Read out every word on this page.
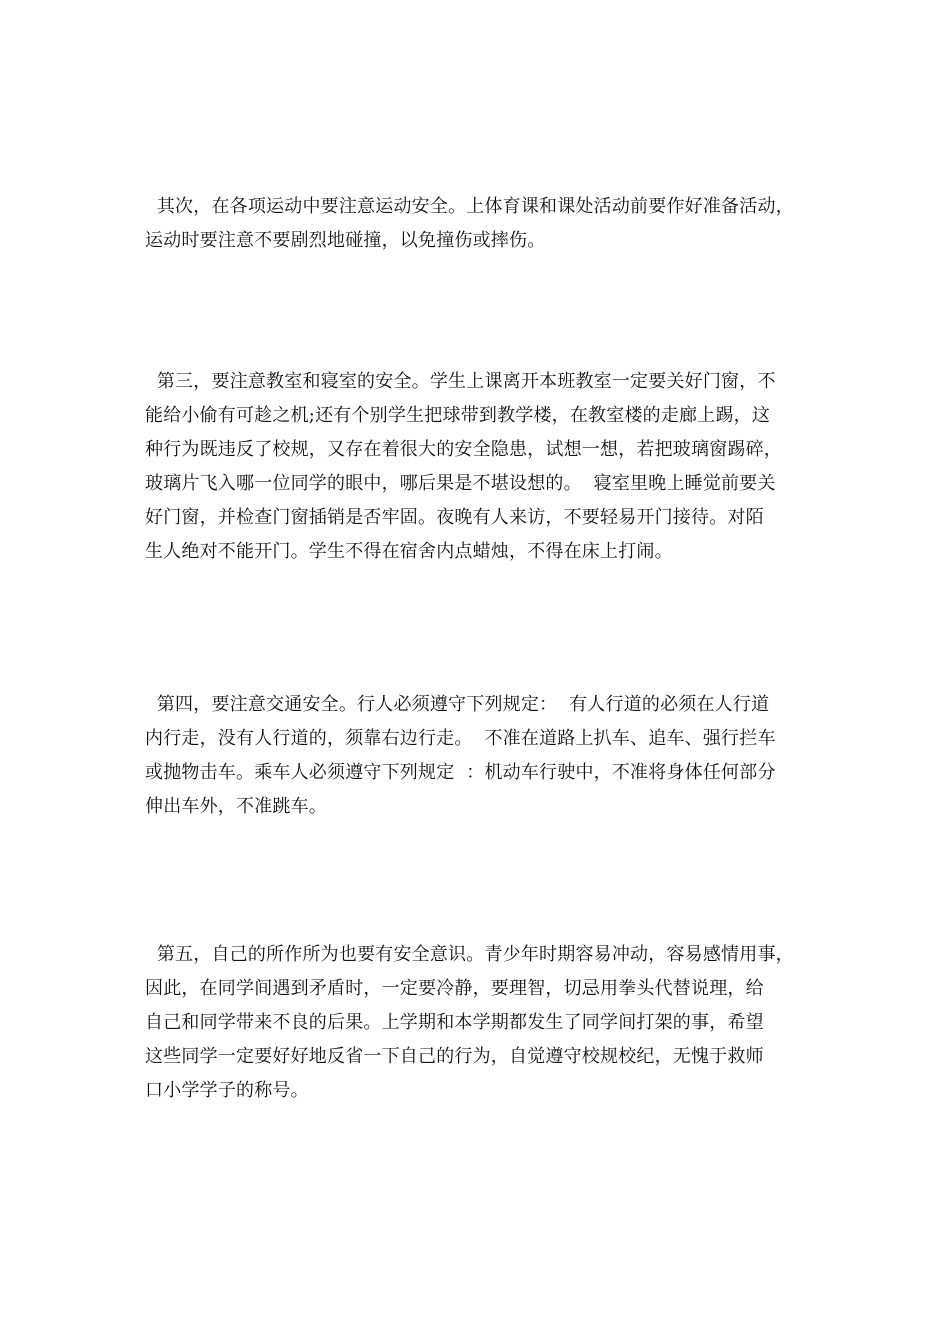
其次，在各项运动中要注意运动安全。上体育课和课处活动前要作好准备活动，
运动时要注意不要剧烈地碰撞，以免撞伤或摔伤。
第三，要注意教室和寝室的安全。学生上课离开本班教室一定要关好门窗，不
能给小偷有可趁之机;还有个别学生把球带到教学楼，在教室楼的走廊上踢，这
种行为既违反了校规，又存在着很大的安全隐患，试想一想，若把玻璃窗踢碎，
玻璃片飞入哪一位同学的眼中，哪后果是不堪设想的。  寝室里晚上睡觉前要关
好门窗，并检查门窗插销是否牢固。夜晚有人来访，不要轻易开门接待。对陌
生人绝对不能开门。学生不得在宿舍内点蜡烛，不得在床上打闹。
第四，要注意交通安全。行人必须遵守下列规定：  有人行道的必须在人行道
内行走，没有人行道的，须靠右边行走。  不准在道路上扒车、追车、强行拦车
或抛物击车。乘车人必须遵守下列规定  ：机动车行驶中，不准将身体任何部分
伸出车外，不准跳车。
第五，自己的所作所为也要有安全意识。青少年时期容易冲动，容易感情用事，
因此，在同学间遇到矛盾时，一定要冷静，要理智，切忌用拳头代替说理，给
自己和同学带来不良的后果。上学期和本学期都发生了同学间打架的事，希望
这些同学一定要好好地反省一下自己的行为，自觉遵守校规校纪，无愧于救师
口小学学子的称号。
